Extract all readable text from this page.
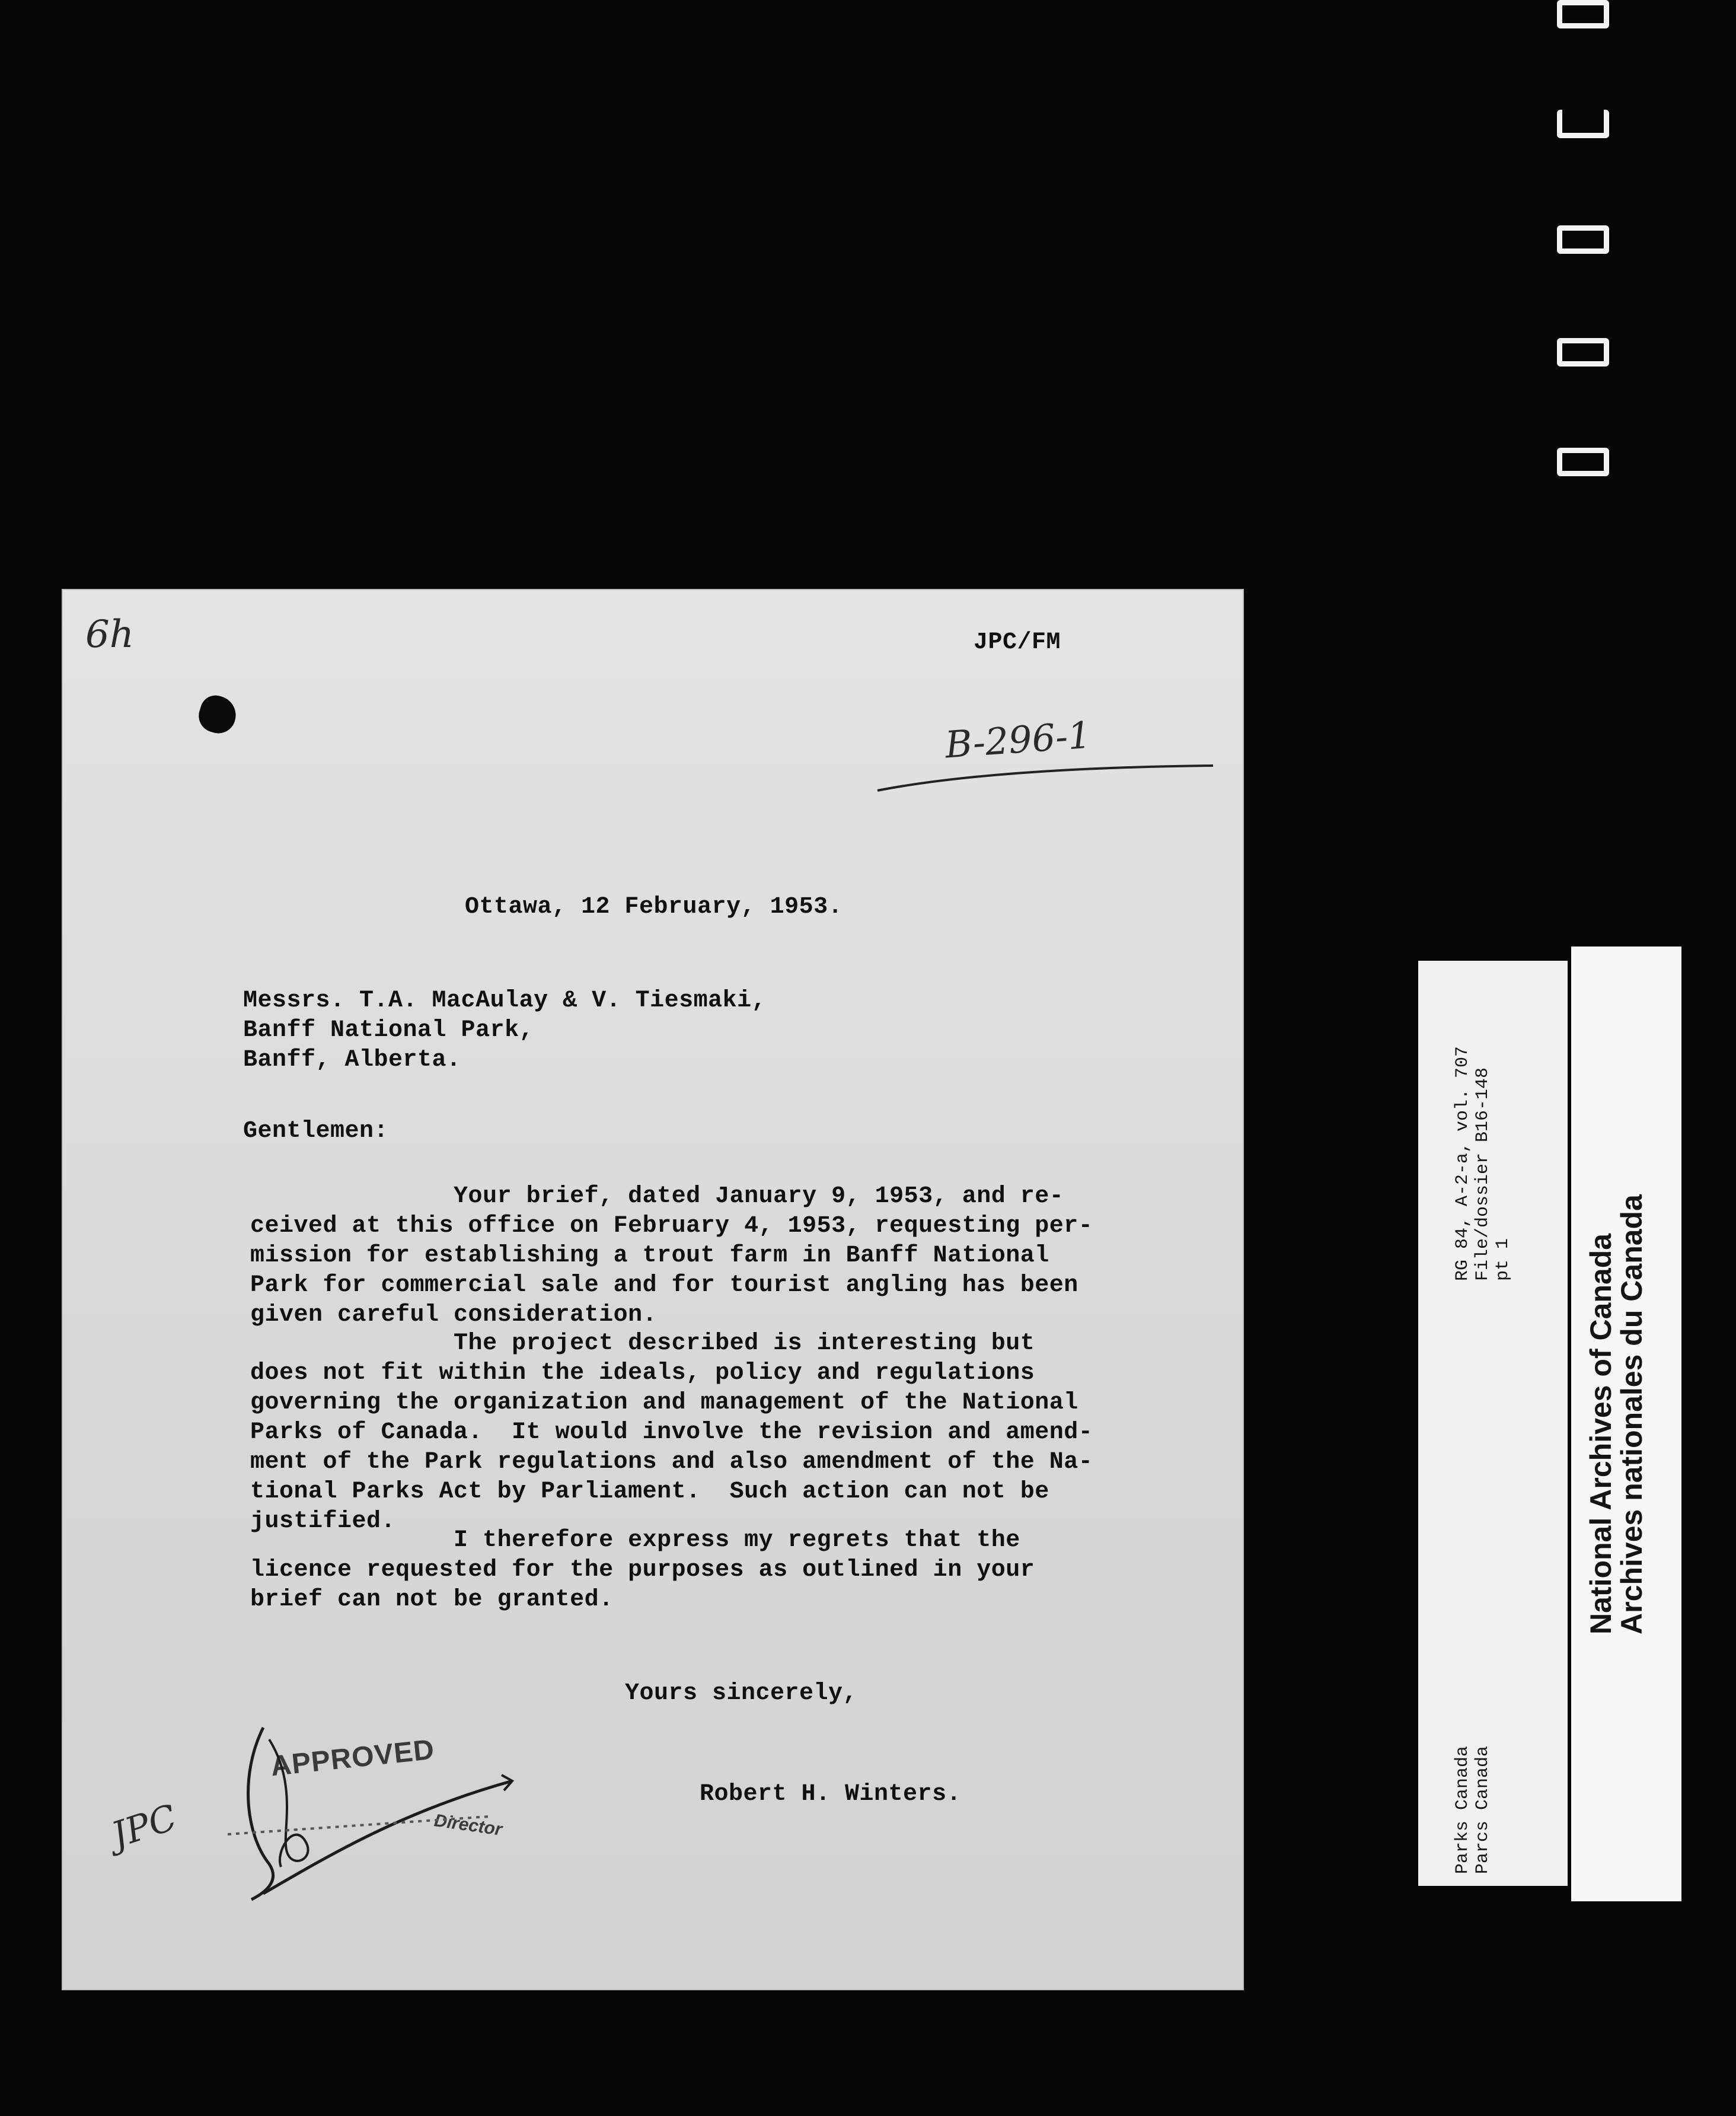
6h	JPC/FM
B-296-1
Ottawa, 12 February, 1953.
Messrs. T.A. MacAulay & V. Tiesmaki,
Banff National Park,
Banff, Alberta.
Gentlemen:
Your brief, dated January 9, 1953, and re-
ceived at this office on February 4, 1953, requesting per-
mission for establishing a trout farm in Banff National
Park for commercial sale and for tourist angling has been
given careful consideration.
The project described is interesting but
does not fit within the ideals, policy and regulations
governing the organization and management of the National
Parks of Canada.  It would involve the revision and amend-
ment of the Park regulations and also amendment of the Na-
tional Parks Act by Parliament.  Such action can not be
justified.
I therefore express my regrets that the
licence requested for the purposes as outlined in your
brief can not be granted.
Yours sincerely,
Robert H. Winters.
APPROVED
Director
JPC
RG 84, A-2-a, vol. 707 File/dossier B16-148 pt 1
Parks Canada Parcs Canada
National Archives of Canada
Archives nationales du Canada
